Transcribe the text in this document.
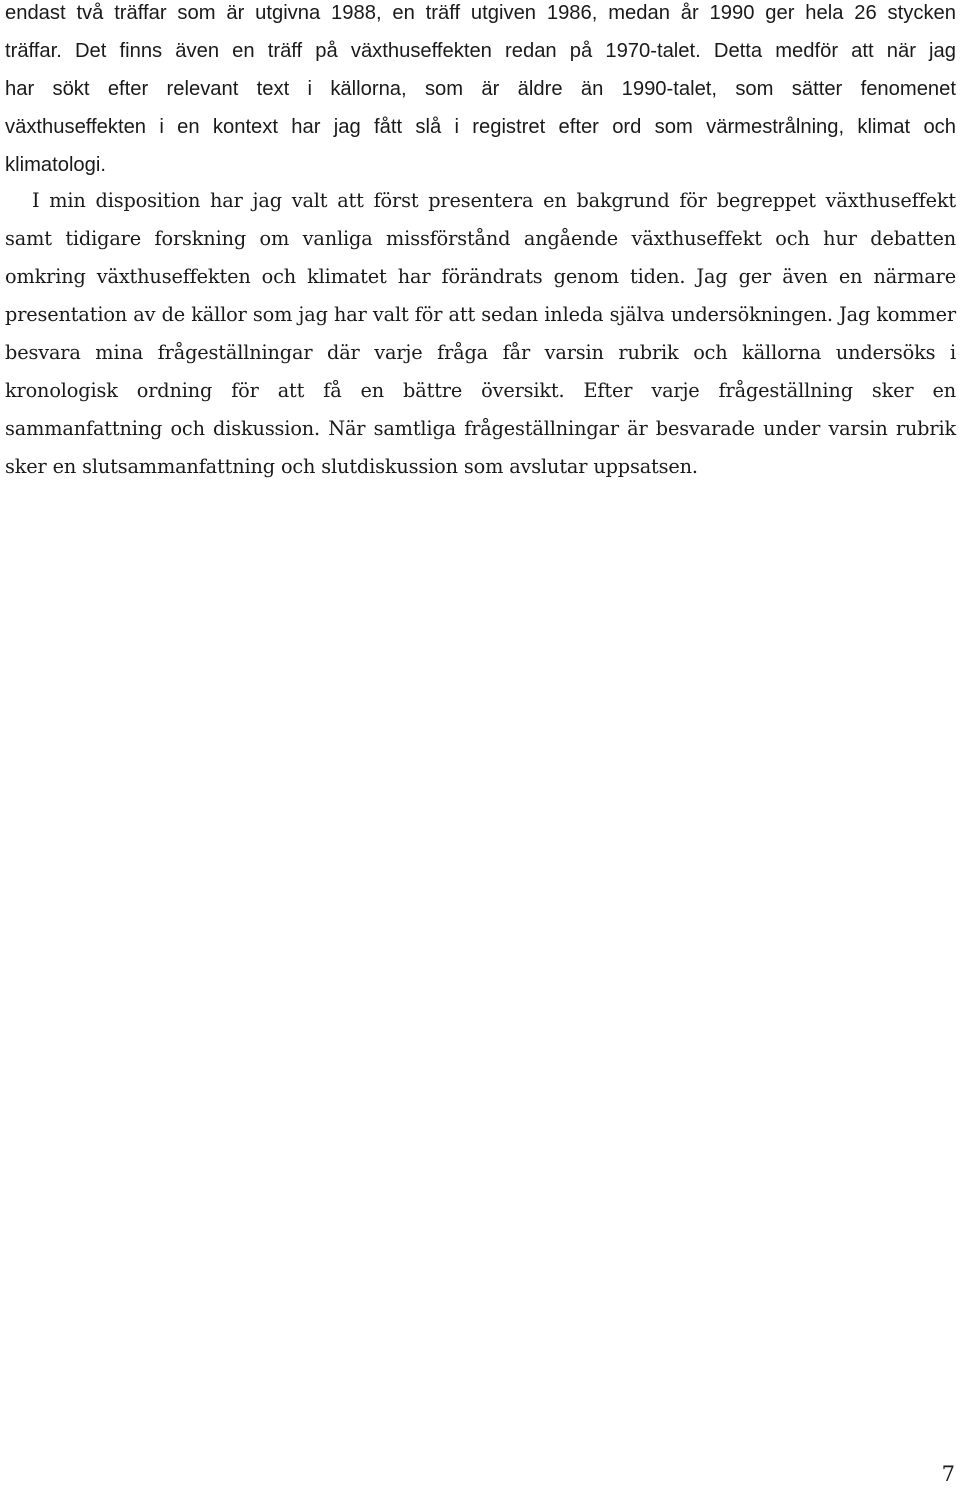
endast två träffar som är utgivna 1988, en träff utgiven 1986, medan år 1990 ger hela 26 stycken
träffar. Det finns även en träff på växthuseffekten redan på 1970-talet. Detta medför att när jag
har sökt efter relevant text i källorna, som är äldre än 1990-talet, som sätter fenomenet
växthuseffekten i en kontext har jag fått slå i registret efter ord som värmestrålning, klimat och
klimatologi.
I min disposition har jag valt att först presentera en bakgrund för begreppet växthuseffekt
samt tidigare forskning om vanliga missförstånd angående växthuseffekt och hur debatten
omkring växthuseffekten och klimatet har förändrats genom tiden. Jag ger även en närmare
presentation av de källor som jag har valt för att sedan inleda själva undersökningen. Jag kommer
besvara mina frågeställningar där varje fråga får varsin rubrik och källorna undersöks i
kronologisk ordning för att få en bättre översikt. Efter varje frågeställning sker en
sammanfattning och diskussion. När samtliga frågeställningar är besvarade under varsin rubrik
sker en slutsammanfattning och slutdiskussion som avslutar uppsatsen.
7
